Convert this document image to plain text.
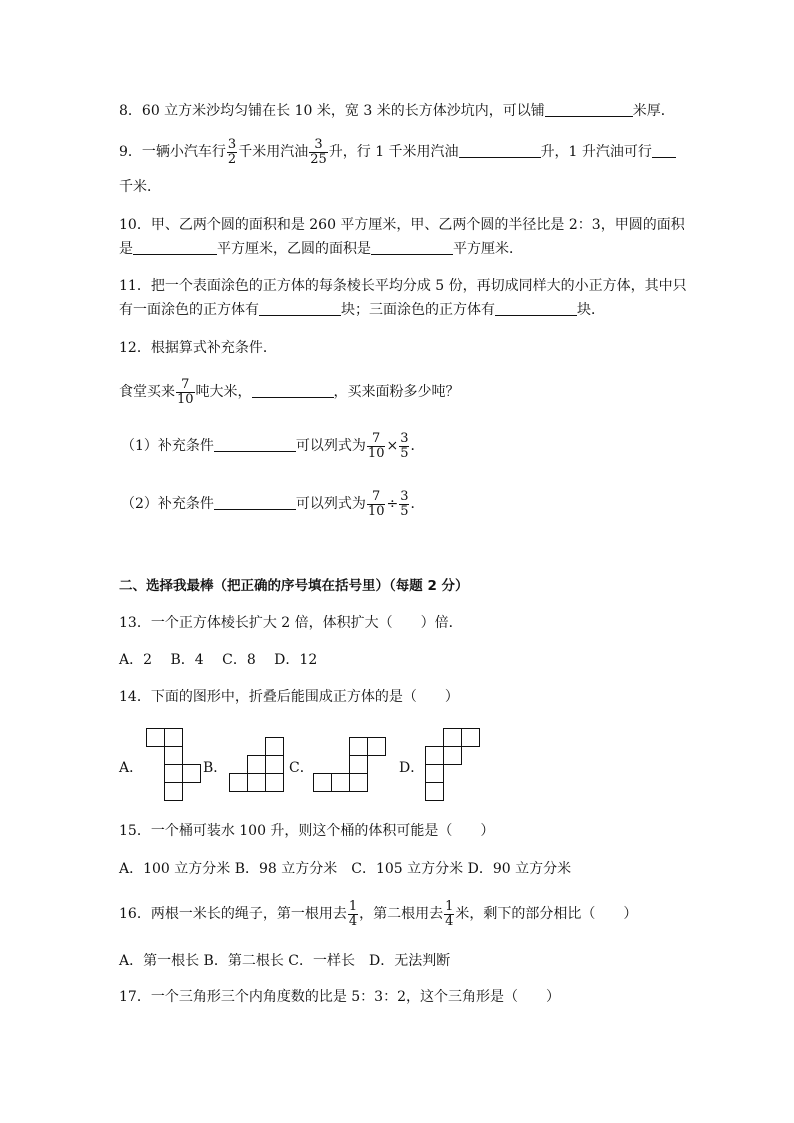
8．60 立方米沙均匀铺在长 10 米，宽 3 米的长方体沙坑内，可以铺	米厚．
9．一辆小汽车行 $\frac{3}{2}$ 千米用汽油 $\frac{3}{25}$ 升，行 1 千米用汽油	升，1 升汽油可行
千米．
10．甲、乙两个圆的面积和是 260 平方厘米，甲、乙两个圆的半径比是 2：3，甲圆的面积
是	平方厘米，乙圆的面积是	平方厘米．
11．把一个表面涂色的正方体的每条棱长平均分成 5 份，再切成同样大的小正方体，其中只
有一面涂色的正方体有	块；三面涂色的正方体有	块．
12．根据算式补充条件．
食堂买来 $\frac{7}{10}$ 吨大米，	，买来面粉多少吨？
（1）补充条件	可以列式为 $\frac{7}{10} \times \frac{3}{5}$ ．
（2）补充条件	可以列式为 $\frac{7}{10} \div \frac{3}{5}$ ．
二、选择我最棒（把正确的序号填在括号里）（每题 2 分）
13．一个正方体棱长扩大 2 倍，体积扩大（　　）倍．
A．2　 B．4　 C．8　 D．12
14．下面的图形中，折叠后能围成正方体的是（　　）
A．	B．	C．	D．
15．一个桶可装水 100 升，则这个桶的体积可能是（　　）
A．100 立方分米 B．98 立方分米　C．105 立方分米 D．90 立方分米
16．两根一米长的绳子，第一根用去 $\frac{1}{4}$ ，第二根用去 $\frac{1}{4}$ 米，剩下的部分相比（　　）
A．第一根长 B．第二根长 C．一样长　D．无法判断
17．一个三角形三个内角度数的比是 5：3：2，这个三角形是（　　）
